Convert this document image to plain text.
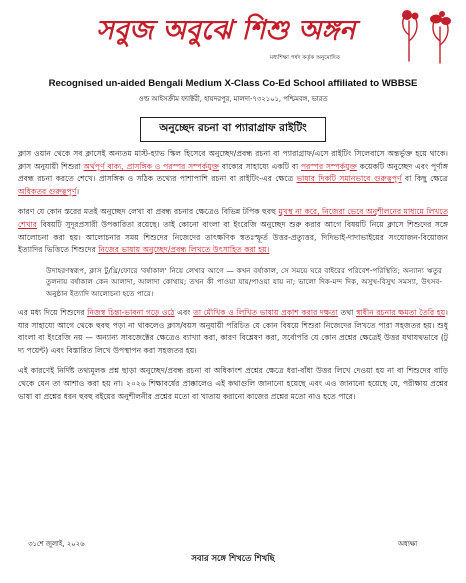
সবুজ অবুঝে শিশু অঙ্গন
মধ্যশিক্ষা পর্ষদ কর্তৃক অনুমোদিত
Recognised un-aided Bengali Medium X-Class Co-Ed School affiliated to WBBSE
ওল্ড আইসক্রীম ফ্যাক্টরী, হায়দরপুর, মালদা-৭৩২১০১, পশ্চিমবঙ্গ, ভারত
অনুচ্ছেদ রচনা বা প্যারাগ্রাফ রাইটিং

ক্লাস ওয়ান থেকে সব ক্লাসেই অন্যতম মাস্ট-হ্যাভ স্কিল হিসেবে অনুচ্ছেদ/প্রবন্ধ রচনা বা প্যারাগ্রাফ/এসে রাইটিং সিলেবাসে অন্তর্ভুক্ত হয়ে থাকে। ক্লাস অনুযায়ী শিশুরা অর্থপূর্ণ বাক্য, প্রাসঙ্গিক ও পরস্পর সম্পর্কযুক্ত বাক্যের সাহায্যে একটি বা পরস্পর সম্পর্কযুক্ত কয়েকটি অনুচ্ছেদ এবং পূর্ণাঙ্গ প্রবন্ধ রচনা করতে শেখে। প্রাসঙ্গিক ও সঠিক তথ্যের পাশাপাশি রচনা বা রাইটিং-এর ক্ষেত্রে ভাষার দিকটি সমানভাবে গুরুত্বপূর্ণ বা কিছু ক্ষেত্রে অধিকতর গুরুত্বপূর্ণ।

কারণ যে কোন স্তরের মতই অনুচ্ছেদ লেখা বা প্রবন্ধ রচনার ক্ষেত্রেও বিভিন্ন টপিক হুবহু মুখস্থ না করে, নিজেরা ভেবে অনুশীলনের মাধ্যমে লিখতে শেখার বিষয়টি সুদূরপ্রসারী উপকারিতা রয়েছে। তাই কোনো বাংলা বা ইংরেজি অনুচ্ছেদ শুরু করার আগে বিষয়টি নিয়ে ক্লাসে শিশুদের সঙ্গে আলোচনা করা হয়। আলোচনার সময় শিশুদের নিজেদের তাৎক্ষণিক স্বতঃস্ফূর্ত উত্তর-প্রত্যুত্তর, দিদিভাই-দাদাভাইয়ের সংযোজন-বিয়োজন ইত্যাদির ভিত্তিতে শিশুদের নিজের ভাষায় অনুচ্ছেদ/প্রবন্ধ লিখতে উৎসাহিত করা হয়।

উদাহরণস্বরূপ, ক্লাস টু/থ্রি/ফোরে 'বর্ষাকাল' নিয়ে লেখার আগে — কখন বর্ষাকাল, সে সময়ে ঘরে বাইরের পরিবেশ-পরিস্থিতি; অন্যান্য ঋতুর তুলনায় বর্ষাকাল কেন আলাদা, আলাদা কোথায়; তখন কী পাওয়া যায়/পাওয়া যায় না; ভালো দিক-মন্দ দিক, অসুখ-বিসুখ সমস্যা, উৎসব-অনুষ্ঠান ইত্যাদি আলোচনা হতে পারে।

এর মধ্য দিয়ে শিশুদের নিজস্ব চিন্তা-ভাবনা গড়ে ওঠে এবং তা মৌখিক ও লিখিত ভাষায় প্রকাশ করার দক্ষতা তথা স্বাধীন রচনার ক্ষমতা তৈরি হয়। যার সাহায্যে আগে থেকে হুবহু পড়া না থাকলেও ক্লাস/বয়স অনুযায়ী পরিচিত যে কোন বিষয়ে শিশুরা নিজেদের লিখতে পারা সহজতর হয়। শুধু বাংলা বা ইংরেজি নয় — অন্যান্য সাবজেক্টের ক্ষেত্রেও ব্যাখ্যা করা, কারণ বিশ্লেষণ করা, সর্বোপরি যে কোন প্রশ্নের ক্ষেত্রেই উত্তর যথাযথভাবে (টু দ্য পয়েন্ট) এবং বিস্তারিত লিখে উপস্থাপন করা সহজতর হয়।

এই কারণেই নির্দিষ্ট তথ্যমূলক প্রশ্ন ছাড়া অনুচ্ছেদ/প্রবন্ধ রচনা বা অধিকাংশ প্রশ্নের ক্ষেত্রে ধরা-বাঁধা উত্তর লিখে দেওয়া হয় না বা শিশুদের বাড়ি থেকে যেন তা আশাও করা হয় না। ২০২৬ শিক্ষাবর্ষের প্রাক্কালেও এই কথাগুলি জানানো হয়েছে এবং এও জানানো হয়েছে যে, পরীক্ষায় প্রশ্নের ভাষা বা প্রশ্নের ধরন হুবহু বইয়ের অনুশীলনীর প্রশ্নের মতো বা খাতায় করানো কাজের প্রশ্নের মতো নাও হতে পারে।

৩১শে জুলাই, ২০২৬	অধ্যক্ষা
সবার সঙ্গে শিখতে শিখছি
